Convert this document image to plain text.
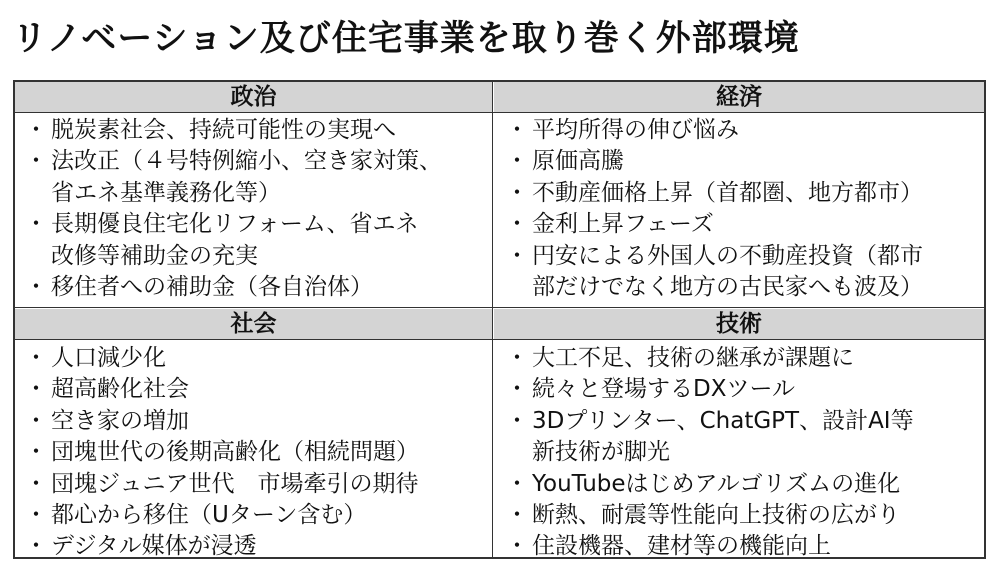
リノベーション及び住宅事業を取り巻く外部環境
政治	経済
社会	技術
・ 脱炭素社会、持続可能性の実現へ
・ 法改正（４号特例縮小、空き家対策、
省エネ基準義務化等）
・ 長期優良住宅化リフォーム、省エネ
改修等補助金の充実
・ 移住者への補助金（各自治体）
・ 平均所得の伸び悩み
・ 原価高騰
・ 不動産価格上昇（首都圏、地方都市）
・ 金利上昇フェーズ
・ 円安による外国人の不動産投資（都市
部だけでなく地方の古民家へも波及）
・ 人口減少化
・ 超高齢化社会
・ 空き家の増加
・ 団塊世代の後期高齢化（相続問題）
・ 団塊ジュニア世代　市場牽引の期待
・ 都心から移住（Uターン含む）
・ デジタル媒体が浸透
・ 大工不足、技術の継承が課題に
・ 続々と登場するDXツール
・ 3Dプリンター、ChatGPT、設計AI等
新技術が脚光
・ YouTubeはじめアルゴリズムの進化
・ 断熱、耐震等性能向上技術の広がり
・ 住設機器、建材等の機能向上
